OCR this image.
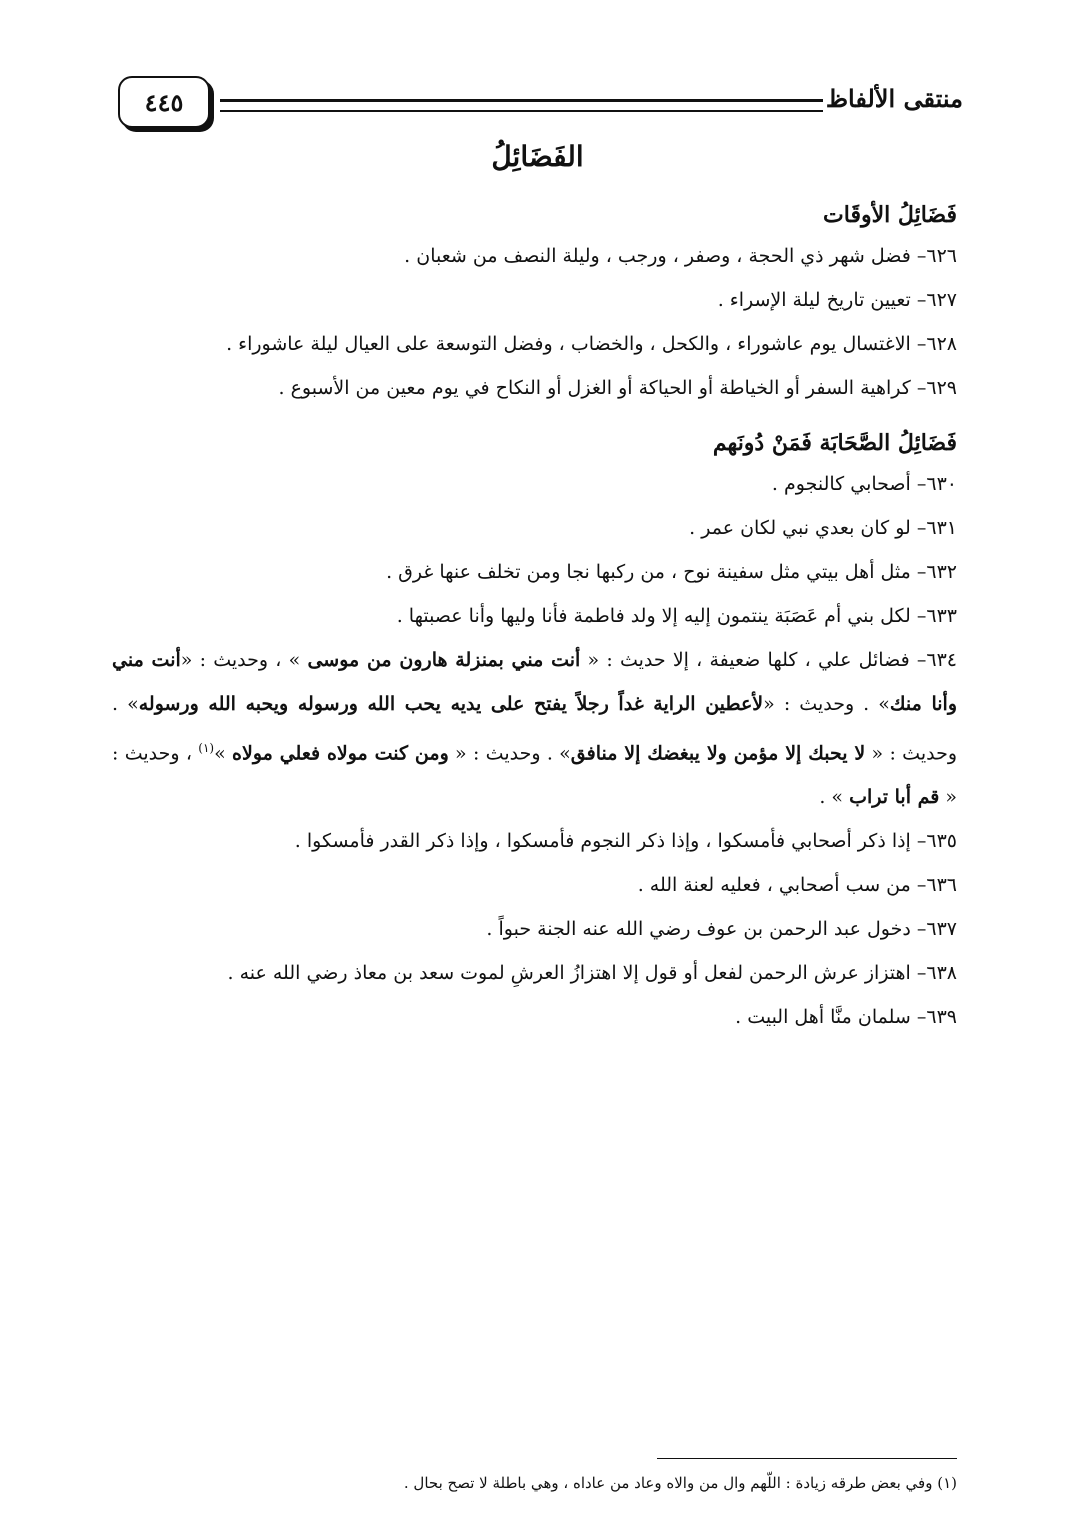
منتقى الألفاظ
٤٤٥
الفَضَائِلُ
فَضَائِلُ الأوقَات

٦٢٦– فضل شهر ذي الحجة ، وصفر ، ورجب ، وليلة النصف من شعبان .

٦٢٧– تعيين تاريخ ليلة الإسراء .

٦٢٨– الاغتسال يوم عاشوراء ، والكحل ، والخضاب ، وفضل التوسعة على العيال ليلة عاشوراء .

٦٢٩– كراهية السفر أو الخياطة أو الحياكة أو الغزل أو النكاح في يوم معين من الأسبوع .

فَضَائِلُ الصَّحَابَة فَمَنْ دُونَهم

٦٣٠– أصحابي كالنجوم .

٦٣١– لو كان بعدي نبي لكان عمر .

٦٣٢– مثل أهل بيتي مثل سفينة نوح ، من ركبها نجا ومن تخلف عنها غرق .

٦٣٣– لكل بني أم عَصَبَة ينتمون إليه إلا ولد فاطمة فأنا وليها وأنا عصبتها .

٦٣٤– فضائل علي ، كلها ضعيفة ، إلا حديث : « أنت مني بمنزلة هارون من موسى » ، وحديث : «أنت مني وأنا منك» . وحديث : «لأعطين الراية غداً رجلاً يفتح على يديه يحب الله ورسوله ويحبه الله ورسوله» . وحديث : « لا يحبك إلا مؤمن ولا يبغضك إلا منافق» . وحديث : « ومن كنت مولاه فعلي مولاه »$^{(١)}$ ، وحديث : « قم أبا تراب » .

٦٣٥– إذا ذكر أصحابي فأمسكوا ، وإذا ذكر النجوم فأمسكوا ، وإذا ذكر القدر فأمسكوا .

٦٣٦– من سب أصحابي ، فعليه لعنة الله .

٦٣٧– دخول عبد الرحمن بن عوف رضي الله عنه الجنة حبواً .

٦٣٨– اهتزاز عرش الرحمن لفعل أو قول إلا اهتزازُ العرشِ لموت سعد بن معاذ رضي الله عنه .

٦٣٩– سلمان منَّا أهل البيت .

(١) وفي بعض طرقه زيادة : اللّهم وال من والاه وعاد من عاداه ، وهي باطلة لا تصح بحال .
